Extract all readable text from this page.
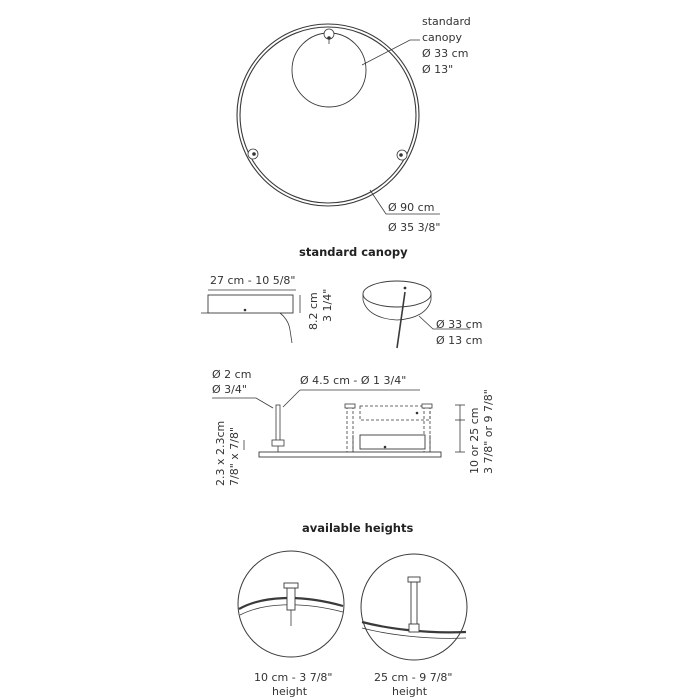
standard
canopy
Ø 33 cm
Ø 13"
Ø 90 cm
Ø 35 3/8"
standard canopy
27 cm - 10 5/8"
8.2 cm 3 1/4"
Ø 33 cm
Ø 13 cm
Ø 2 cm
Ø 3/4"
Ø 4.5 cm - Ø 1 3/4"
10 or 25 cm 3 7/8" or 9 7/8"
2.3 x 2.3cm 7/8" x 7/8"
available heights
10 cm - 3 7/8"
height
25 cm - 9 7/8"
height
